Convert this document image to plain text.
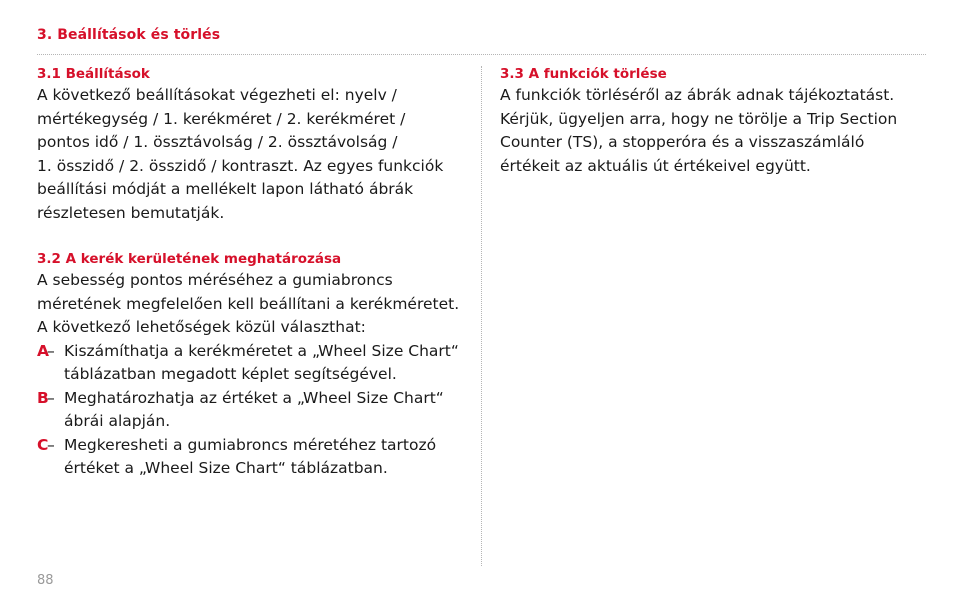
3. Beállítások és törlés
3.1 Beállítások

A következő beállításokat végezheti el: nyelv /
mértékegység / 1. kerékméret / 2. kerékméret /
pontos idő / 1. össztávolság / 2. össztávolság /
1. összidő / 2. összidő / kontraszt. Az egyes funkciók
beállítási módját a mellékelt lapon látható ábrák
részletesen bemutatják.

3.2 A kerék kerületének meghatározása

A sebesség pontos méréséhez a gumiabroncs
méretének megfelelően kell beállítani a kerékméretet.
A következő lehetőségek közül választhat:

A
– Kiszámíthatja a kerékméretet a „Wheel Size Chart“
táblázatban megadott képlet segítségével.
B
– Meghatározhatja az értéket a „Wheel Size Chart“
ábrái alapján.
C
– Megkeresheti a gumiabroncs méretéhez tartozó
értéket a „Wheel Size Chart“ táblázatban.
3.3 A funkciók törlése

A funkciók törléséről az ábrák adnak tájékoztatást.
Kérjük, ügyeljen arra, hogy ne törölje a Trip Section
Counter (TS), a stopperóra és a visszaszámláló
értékeit az aktuális út értékeivel együtt.

88
